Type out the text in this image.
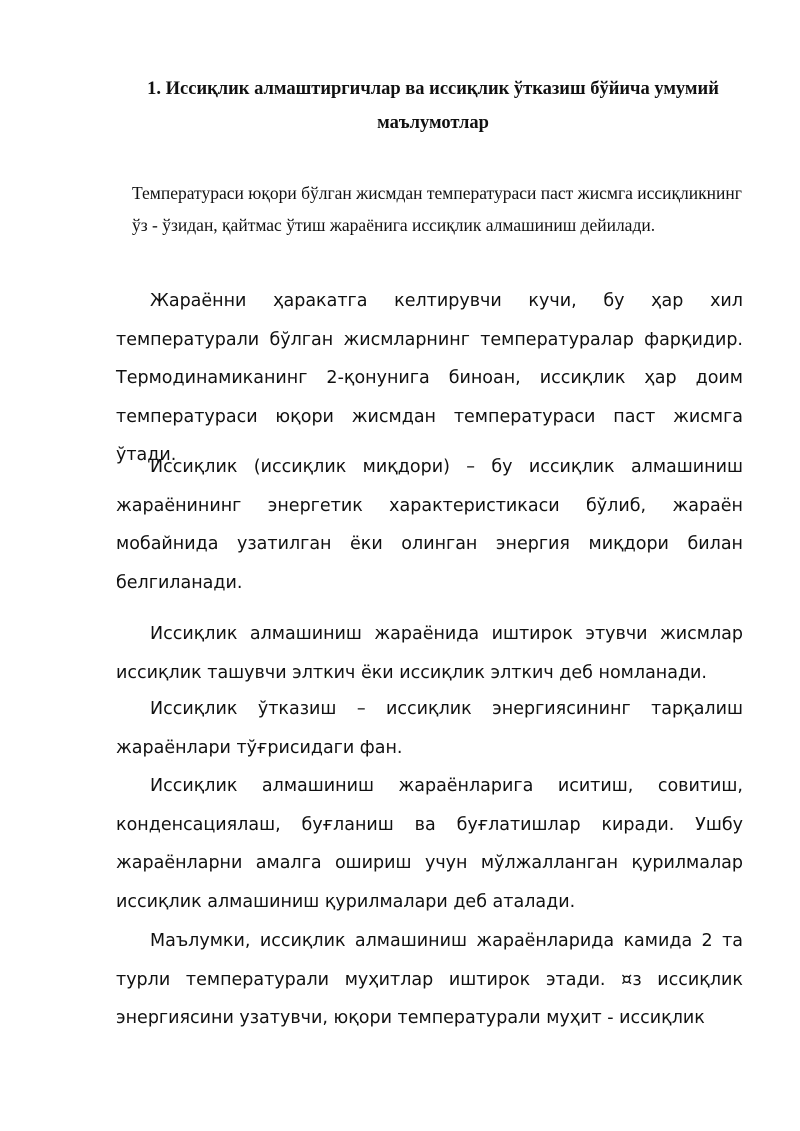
1. Иссиқлик алмаштиргичлар ва иссиқлик ўтказиш бўйича умумий маълумотлар

Температураси юқори бўлган жисмдан температураси паст жисмга иссиқликнинг ўз - ўзидан, қайтмас ўтиш жараёнига иссиқлик алмашиниш дейилади.

Жараённи ҳаракатга келтирувчи кучи, бу ҳар хил температурали бўлган жисмларнинг температуралар фарқидир. Термодинамиканинг 2-қонунига биноан, иссиқлик ҳар доим температураси юқори жисмдан температураси паст жисмга ўтади.

Иссиқлик (иссиқлик миқдори) – бу иссиқлик алмашиниш жараёнининг энергетик характеристикаси бўлиб, жараён мобайнида узатилган ёки олинган энергия миқдори билан белгиланади.

Иссиқлик алмашиниш жараёнида иштирок этувчи жисмлар иссиқлик ташувчи элткич ёки иссиқлик элткич деб номланади.

Иссиқлик ўтказиш – иссиқлик энергиясининг тарқалиш жараёнлари тўғрисидаги фан.

Иссиқлик алмашиниш жараёнларига иситиш, совитиш, конденсациялаш, буғланиш ва буғлатишлар киради. Ушбу жараёнларни амалга ошириш учун мўлжалланган қурилмалар иссиқлик алмашиниш қурилмалари деб аталади.

Маълумки, иссиқлик алмашиниш жараёнларида камида 2 та турли температурали муҳитлар иштирок этади. ¤з иссиқлик энергиясини узатувчи, юқори температурали муҳит - иссиқлик
